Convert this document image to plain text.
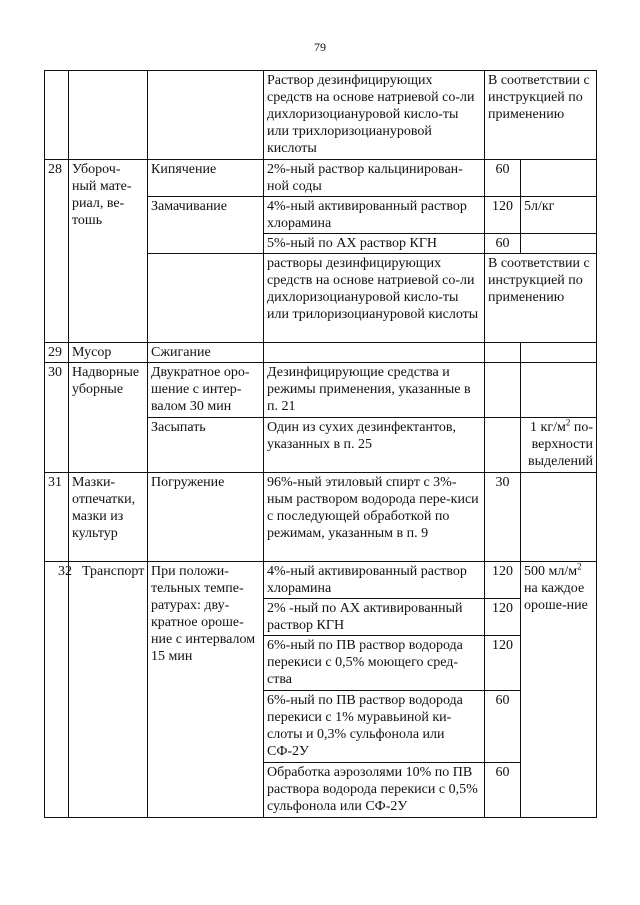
79
			Раствор дезинфицирующих средств на основе натриевой со-ли дихлоризоциануровой кисло-ты или трихлоризоциануровой кислоты	В соответствии с инструкцией по применению	
28	Убороч-ный мате-риал, ве-тошь	Кипячение	2%-ный раствор кальцинирован-ной соды	60	
		Замачивание	4%-ный активированный раствор хлорамина	120	5л/кг
			5%-ный по АХ раствор КГН	60	
			растворы дезинфицирующих средств на основе натриевой со-ли дихлоризоциануровой кисло-ты или трилоризоциануровой кислоты	В соответствии с инструкцией по применению	
29	Мусор	Сжигание			
30	Надворные уборные	Двукратное оро-шение с интер-валом 30 мин	Дезинфицирующие средства и режимы применения, указанные в п. 21		
		Засыпать	Один из сухих дезинфектантов, указанных в п. 25		1 $кг/м^2$ по-верхности выделений
31	Мазки-отпечатки, мазки из культур	Погружение	96%-ный этиловый спирт с 3%-ным раствором водорода пере-киси с последующей обработкой по режимам, указанным в п. 9	30	
32	Транспорт	При положи-тельных темпе-ратурах: дву-кратное ороше-ние с интервалом 15 мин	4%-ный активированный раствор хлорамина	120	500 $мл/м^2$ на каждое ороше-ние
			2% -ный по АХ активированный раствор КГН	120	
			6%-ный по ПВ раствор водорода перекиси с 0,5% моющего сред-ства	120	
			6%-ный по ПВ раствор водорода перекиси с 1% муравьиной ки-слоты и 0,3% сульфонола или СФ-2У	60	
			Обработка аэрозолями 10% по ПВ раствора водорода перекиси с 0,5% сульфонола или СФ-2У	60	
